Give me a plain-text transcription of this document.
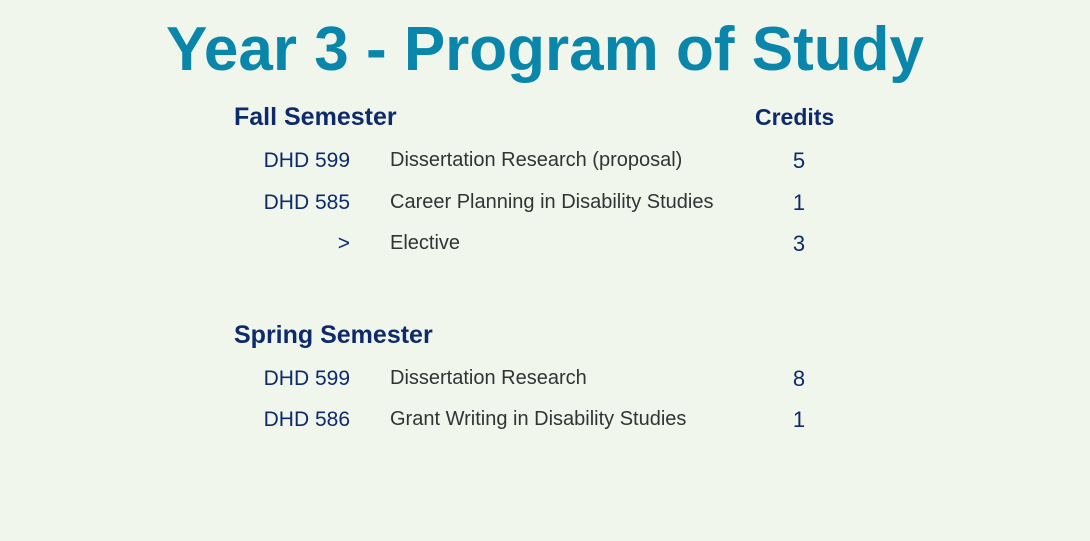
Year 3 - Program of Study
Fall Semester	Credits
DHD 599 Dissertation Research (proposal)	5
DHD 585 Career Planning in Disability Studies	1
> Elective	3
Spring Semester
DHD 599 Dissertation Research	8
DHD 586 Grant Writing in Disability Studies	1
